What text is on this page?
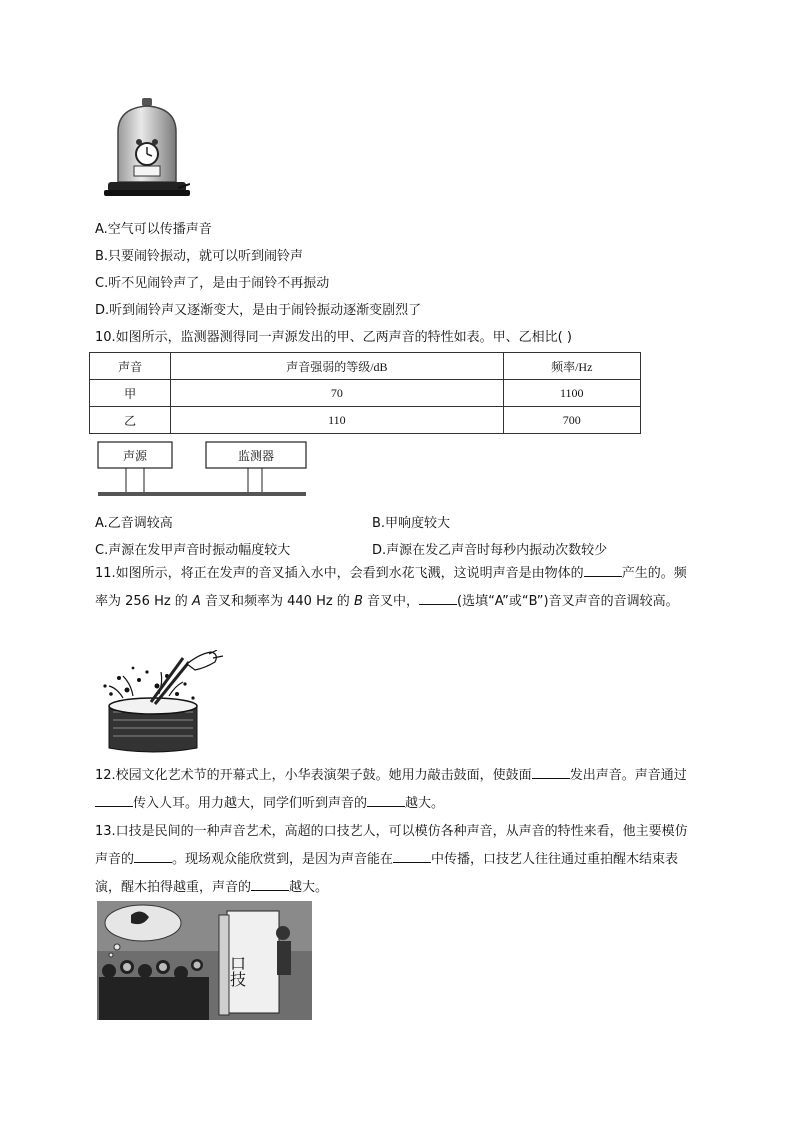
A.空气可以传播声音
B.只要闹铃振动，就可以听到闹铃声
C.听不见闹铃声了，是由于闹铃不再振动
D.听到闹铃声又逐渐变大，是由于闹铃振动逐渐变剧烈了
10.如图所示，监测器测得同一声源发出的甲、乙两声音的特性如表。甲、乙相比( )
声音	声音强弱的等级/dB	频率/Hz
甲	70	1100
乙	110	700
声源	监测器
A.乙音调较高	B.甲响度较大
C.声源在发甲声音时振动幅度较大	D.声源在发乙声音时每秒内振动次数较少
11.如图所示，将正在发声的音叉插入水中，会看到水花飞溅，这说明声音是由物体的	产生的。频率为 256 Hz 的 A 音叉和频率为 440 Hz 的 B 音叉中，	(选填“A”或“B”)音叉声音的音调较高。
12.校园文化艺术节的开幕式上，小华表演架子鼓。她用力敲击鼓面，使鼓面	发出声音。声音通过传入人耳。用力越大，同学们听到声音的	越大。
13.口技是民间的一种声音艺术，高超的口技艺人，可以模仿各种声音，从声音的特性来看，他主要模仿声音的	。现场观众能欣赏到，是因为声音能在	中传播，口技艺人往往通过重拍醒木结束表演，醒木拍得越重，声音的	越大。
口技
